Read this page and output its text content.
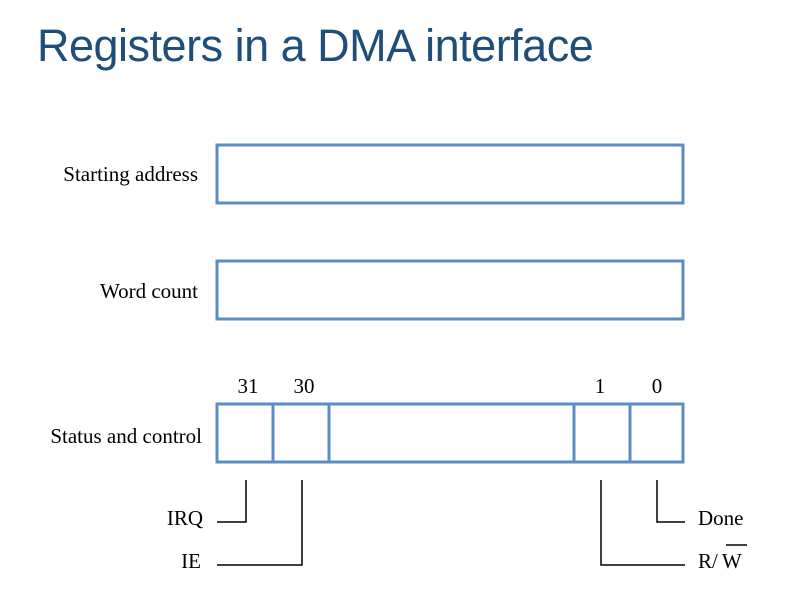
Registers in a DMA interface
Starting address
Word count
31 30	1 0
Status and control
IRQ
IE
Done
R/ W
